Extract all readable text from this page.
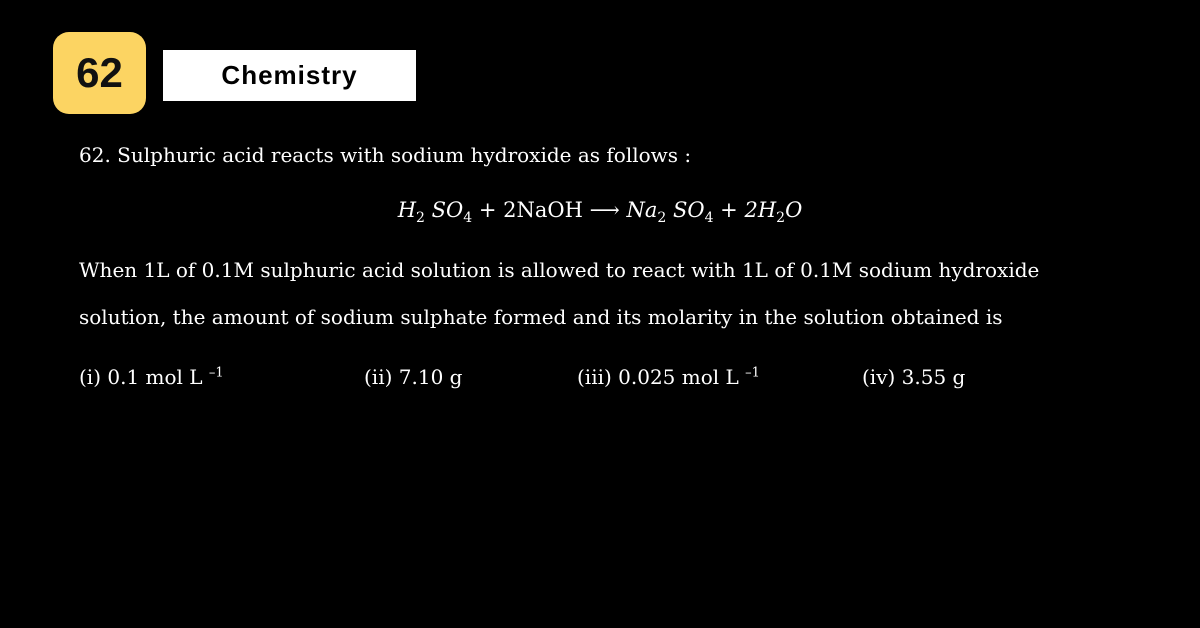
62	Chemistry
62. Sulphuric acid reacts with sodium hydroxide as follows :
$H_2$ $SO_4$ + 2NaOH ⟶ $Na_2$ $SO_4 + 2H_2O$
When 1L of 0.1M sulphuric acid solution is allowed to react with 1L of 0.1M sodium hydroxide
solution, the amount of sodium sulphate formed and its molarity in the solution obtained is
(i) 0.1 mol L $^{-1}$	(ii) 7.10 g	(iii) 0.025 mol L $^{-1}$	(iv) 3.55 g
